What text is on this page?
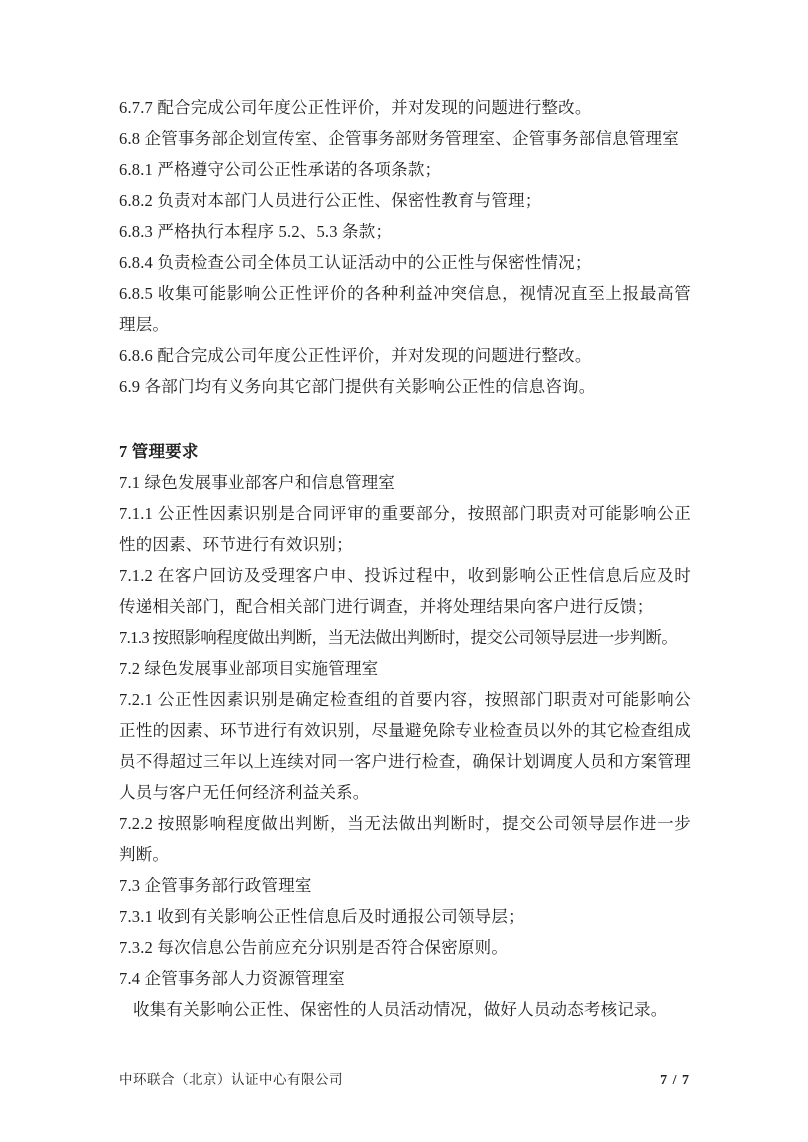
6.7.7 配合完成公司年度公正性评价，并对发现的问题进行整改。

6.8 企管事务部企划宣传室、企管事务部财务管理室、企管事务部信息管理室

6.8.1 严格遵守公司公正性承诺的各项条款；

6.8.2 负责对本部门人员进行公正性、保密性教育与管理；

6.8.3 严格执行本程序 5.2、5.3 条款；

6.8.4 负责检查公司全体员工认证活动中的公正性与保密性情况；

6.8.5 收集可能影响公正性评价的各种利益冲突信息，视情况直至上报最高管理层。

6.8.6 配合完成公司年度公正性评价，并对发现的问题进行整改。

6.9 各部门均有义务向其它部门提供有关影响公正性的信息咨询。

7 管理要求

7.1 绿色发展事业部客户和信息管理室

7.1.1 公正性因素识别是合同评审的重要部分，按照部门职责对可能影响公正性的因素、环节进行有效识别；

7.1.2 在客户回访及受理客户申、投诉过程中，收到影响公正性信息后应及时传递相关部门，配合相关部门进行调查，并将处理结果向客户进行反馈；

7.1.3 按照影响程度做出判断，当无法做出判断时，提交公司领导层进一步判断。

7.2 绿色发展事业部项目实施管理室

7.2.1 公正性因素识别是确定检查组的首要内容，按照部门职责对可能影响公正性的因素、环节进行有效识别，尽量避免除专业检查员以外的其它检查组成员不得超过三年以上连续对同一客户进行检查，确保计划调度人员和方案管理人员与客户无任何经济利益关系。

7.2.2 按照影响程度做出判断，当无法做出判断时，提交公司领导层作进一步判断。

7.3 企管事务部行政管理室

7.3.1 收到有关影响公正性信息后及时通报公司领导层；

7.3.2 每次信息公告前应充分识别是否符合保密原则。

7.4 企管事务部人力资源管理室

收集有关影响公正性、保密性的人员活动情况，做好人员动态考核记录。

中环联合（北京）认证中心有限公司	7 / 7
